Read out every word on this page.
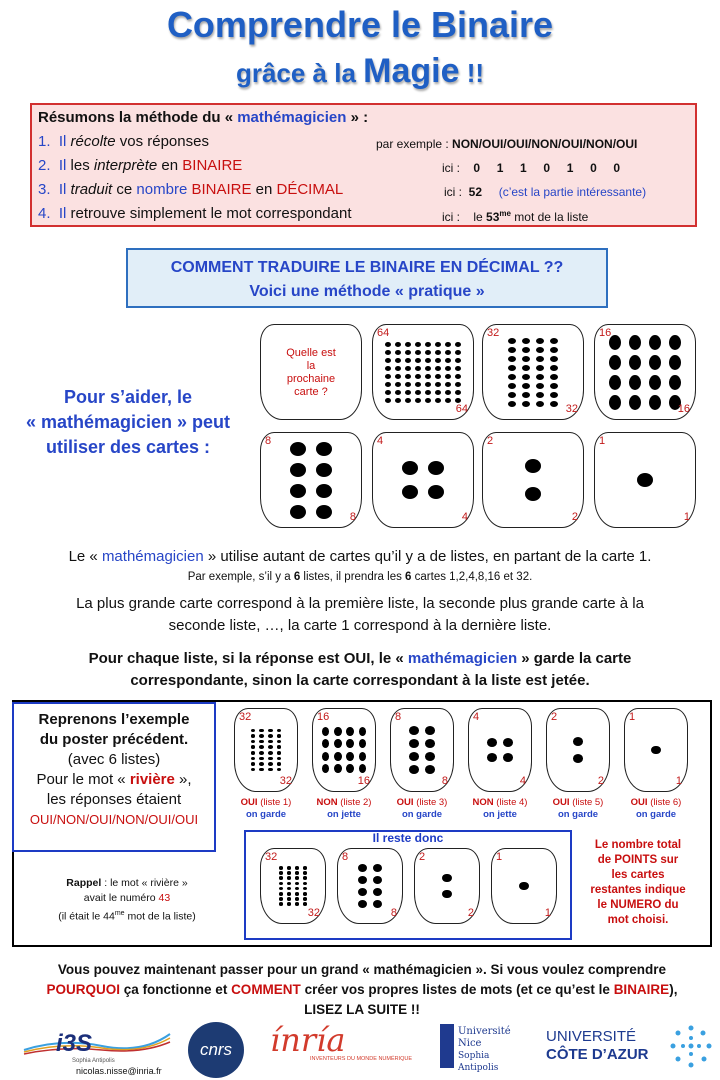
Comprendre le Binaire
grâce à la Magie !!
Résumons la méthode du « mathémagicien » :
1. Il récolte vos réponses	par exemple : NON/OUI/OUI/NON/OUI/NON/OUI
2. Il les interprète en BINAIRE	ici : 0     1     1     0     1     0     0
3. Il traduit ce nombre BINAIRE en DÉCIMAL	ici : 52 (c’est la partie intéressante)
4. Il retrouve simplement le mot correspondant	ici : le $53^{me}$ mot de la liste
COMMENT TRADUIRE LE BINAIRE EN DÉCIMAL ??
Voici une méthode « pratique »
Pour s’aider, le
« mathémagicien » peut
utiliser des cartes :
Quelle est
la
prochaine
carte ?
64
64
32
32
16
16
8
8
4
4
2
2
1
1
Le « mathémagicien » utilise autant de cartes qu’il y a de listes, en partant de la carte 1.
Par exemple, s’il y a 6 listes, il prendra les 6 cartes 1,2,4,8,16 et 32.
La plus grande carte correspond à la première liste, la seconde plus grande carte à la
seconde liste, …, la carte 1 correspond à la dernière liste.
Pour chaque liste, si la réponse est OUI, le « mathémagicien » garde la carte
correspondante, sinon la carte correspondant à la liste est jetée.
Reprenons l’exemple
du poster précédent.
(avec 6 listes)
Pour le mot « rivière »,
les réponses étaient
OUI/NON/OUI/NON/OUI/OUI
32
32
OUI (liste 1)
on garde
16
16
NON (liste 2)
on jette
8
8
OUI (liste 3)
on garde
4
4
NON (liste 4)
on jette
2
2
OUI (liste 5)
on garde
1
1
OUI (liste 6)
on garde
Il reste donc
32
32
8
8
2
2
1
1
Le nombre total
de POINTS sur
les cartes
restantes indique
le NUMERO du
mot choisi.
Rappel : le mot « rivière »
avait le numéro 43
(il était le $44^{me}$ mot de la liste)
Vous pouvez maintenant passer pour un grand « mathémagicien ». Si vous voulez comprendre
POURQUOI ça fonctionne et COMMENT créer vos propres listes de mots (et ce qu’est le BINAIRE),
LISEZ LA SUITE !!
i3S
Sophia Antipolis
cnrs	ínría
INVENTEURS DU MONDE NUMÉRIQUE
Université
Nice
Sophia Antipolis
UNIVERSITÉ
CÔTE D’AZUR
nicolas.nisse@inria.fr
